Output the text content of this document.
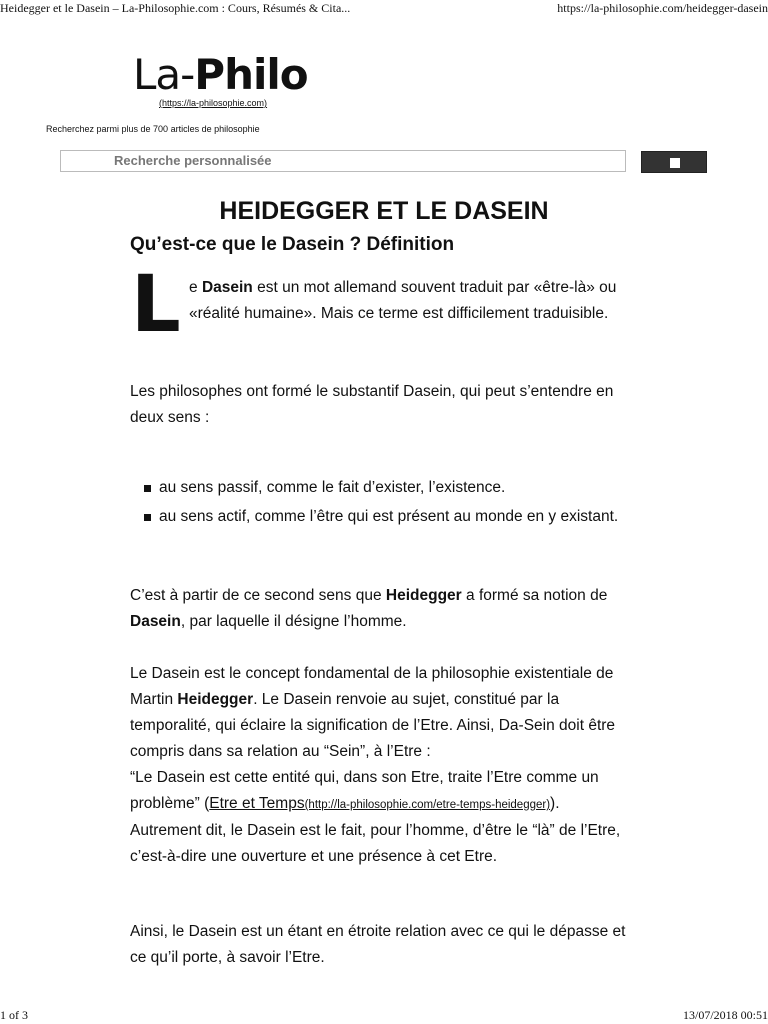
Heidegger et le Dasein – La-Philosophie.com : Cours, Résumés & Cita...	https://la-philosophie.com/heidegger-dasein
La-Philo
(https://la-philosophie.com)
Recherchez parmi plus de 700 articles de philosophie
Recherche personnalisée
HEIDEGGER ET LE DASEIN
Qu’est-ce que le Dasein ? Définition
L e Dasein est un mot allemand souvent traduit par «être-là» ou «réalité humaine». Mais ce terme est difficilement traduisible.
Les philosophes ont formé le substantif Dasein, qui peut s’entendre en deux sens :
au sens passif, comme le fait d’exister, l’existence.
au sens actif, comme l’être qui est présent au monde en y existant.
C’est à partir de ce second sens que Heidegger a formé sa notion de Dasein, par laquelle il désigne l’homme.
Le Dasein est le concept fondamental de la philosophie existentiale de Martin Heidegger. Le Dasein renvoie au sujet, constitué par la temporalité, qui éclaire la signification de l’Etre. Ainsi, Da-Sein doit être compris dans sa relation au “Sein”, à l’Etre :
“Le Dasein est cette entité qui, dans son Etre, traite l’Etre comme un problème” (Etre et Temps(http://la-philosophie.com/etre-temps-heidegger)). Autrement dit, le Dasein est le fait, pour l’homme, d’être le “là” de l’Etre, c’est-à-dire une ouverture et une présence à cet Etre.
Ainsi, le Dasein est un étant en étroite relation avec ce qui le dépasse et ce qu’il porte, à savoir l’Etre.
1 of 3	13/07/2018 00:51
